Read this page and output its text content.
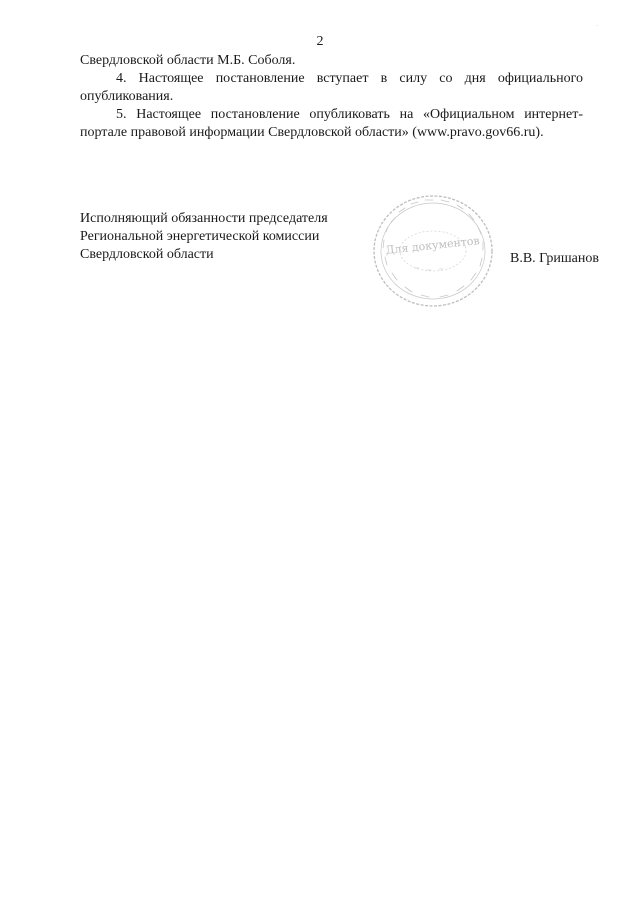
·
2

Свердловской области М.Б. Соболя.

4. Настоящее постановление вступает в силу со дня официального опубликования.

5. Настоящее постановление опубликовать на «Официальном интернет-портале правовой информации Свердловской области» (www.pravo.gov66.ru).

Исполняющий обязанности председателя
Региональной энергетической комиссии
Свердловской области	Для документов
В.В. Гришанов
